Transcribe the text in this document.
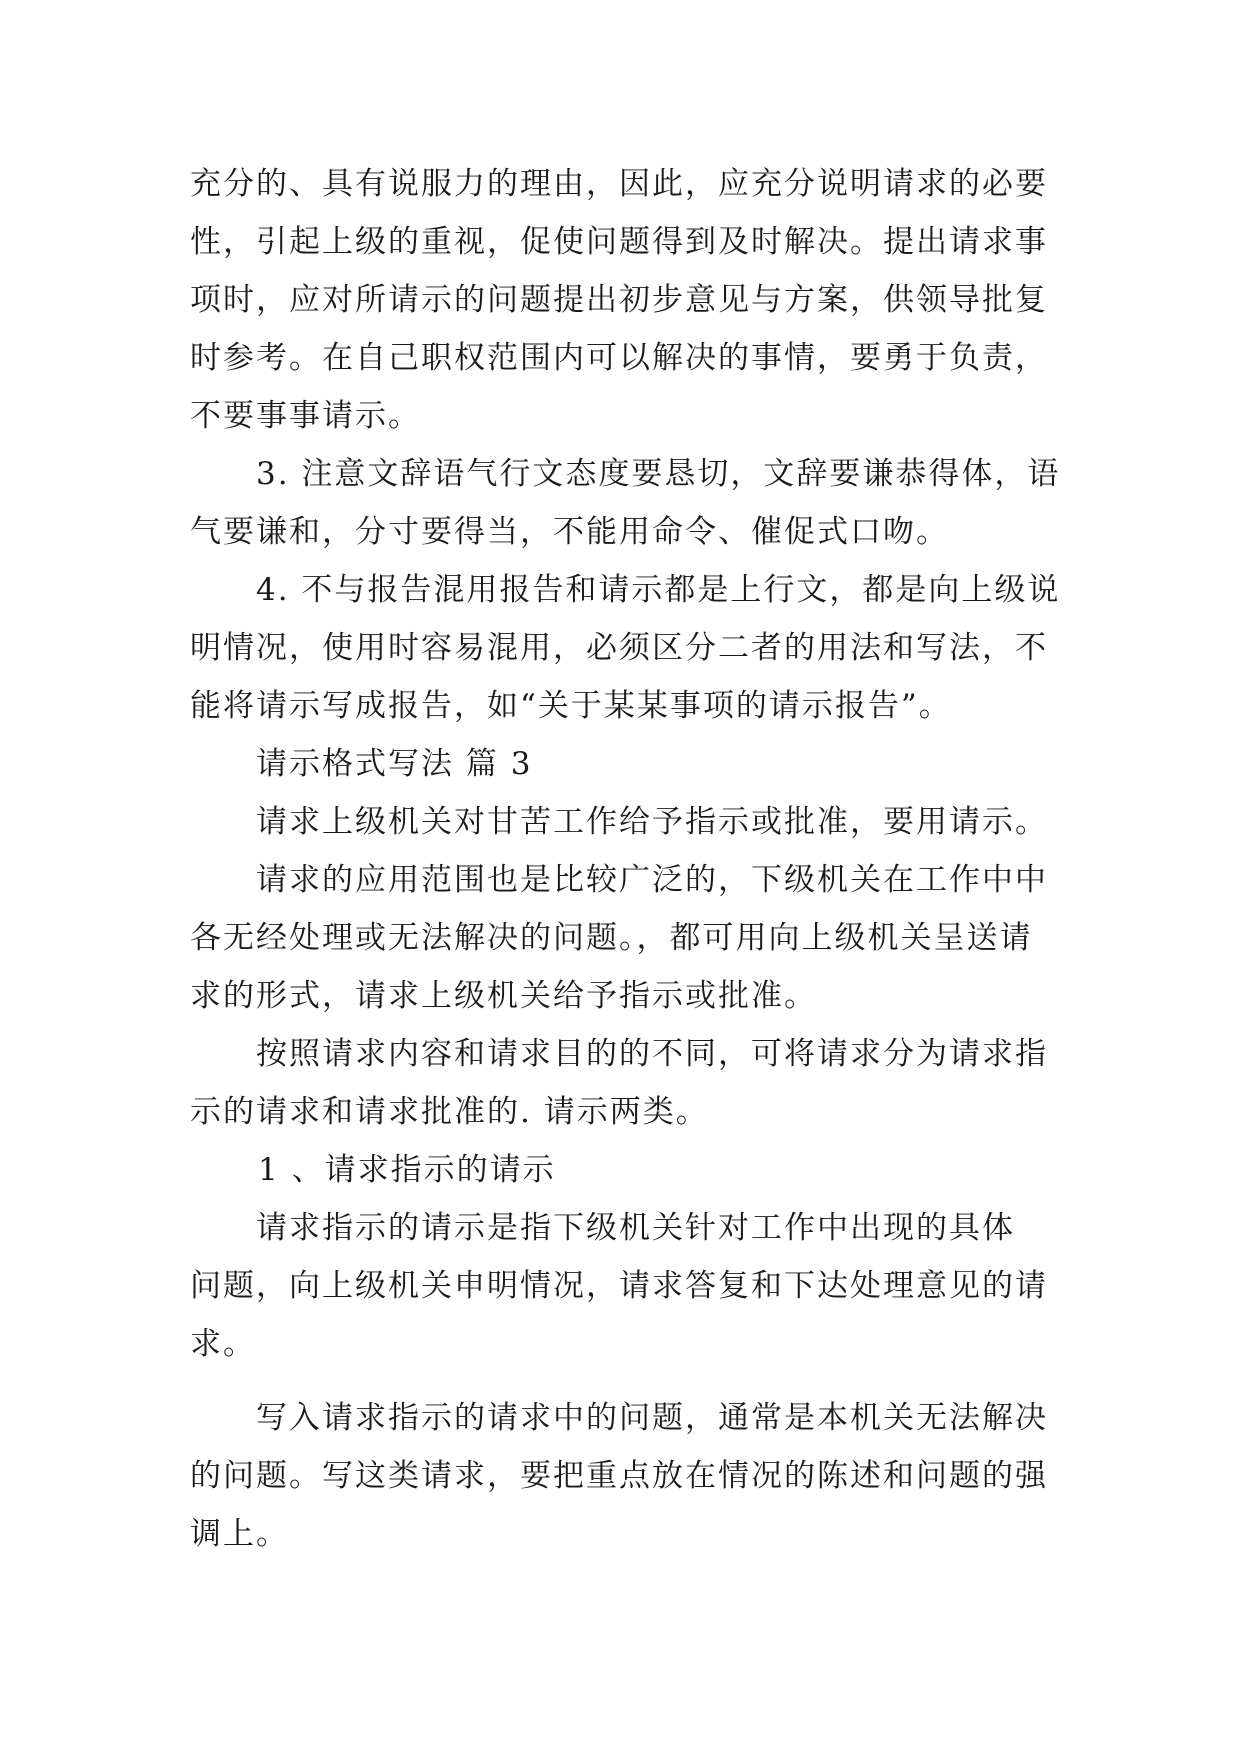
充分的、具有说服力的理由，因此，应充分说明请求的必要
性，引起上级的重视，促使问题得到及时解决。提出请求事
项时，应对所请示的问题提出初步意见与方案，供领导批复
时参考。在自己职权范围内可以解决的事情，要勇于负责，
不要事事请示。
3. 注意文辞语气行文态度要恳切，文辞要谦恭得体，语
气要谦和，分寸要得当，不能用命令、催促式口吻。
4. 不与报告混用报告和请示都是上行文，都是向上级说
明情况，使用时容易混用，必须区分二者的用法和写法，不
能将请示写成报告，如“关于某某事项的请示报告”。
请示格式写法 篇 3
请求上级机关对甘苦工作给予指示或批准，要用请示。
请求的应用范围也是比较广泛的，下级机关在工作中中
各无经处理或无法解决的问题。，都可用向上级机关呈送请
求的形式，请求上级机关给予指示或批准。
按照请求内容和请求目的的不同，可将请求分为请求指
示的请求和请求批准的. 请示两类。
1 、请求指示的请示
请求指示的请示是指下级机关针对工作中出现的具体
问题，向上级机关申明情况，请求答复和下达处理意见的请
求。
写入请求指示的请求中的问题，通常是本机关无法解决
的问题。写这类请求，要把重点放在情况的陈述和问题的强
调上。
